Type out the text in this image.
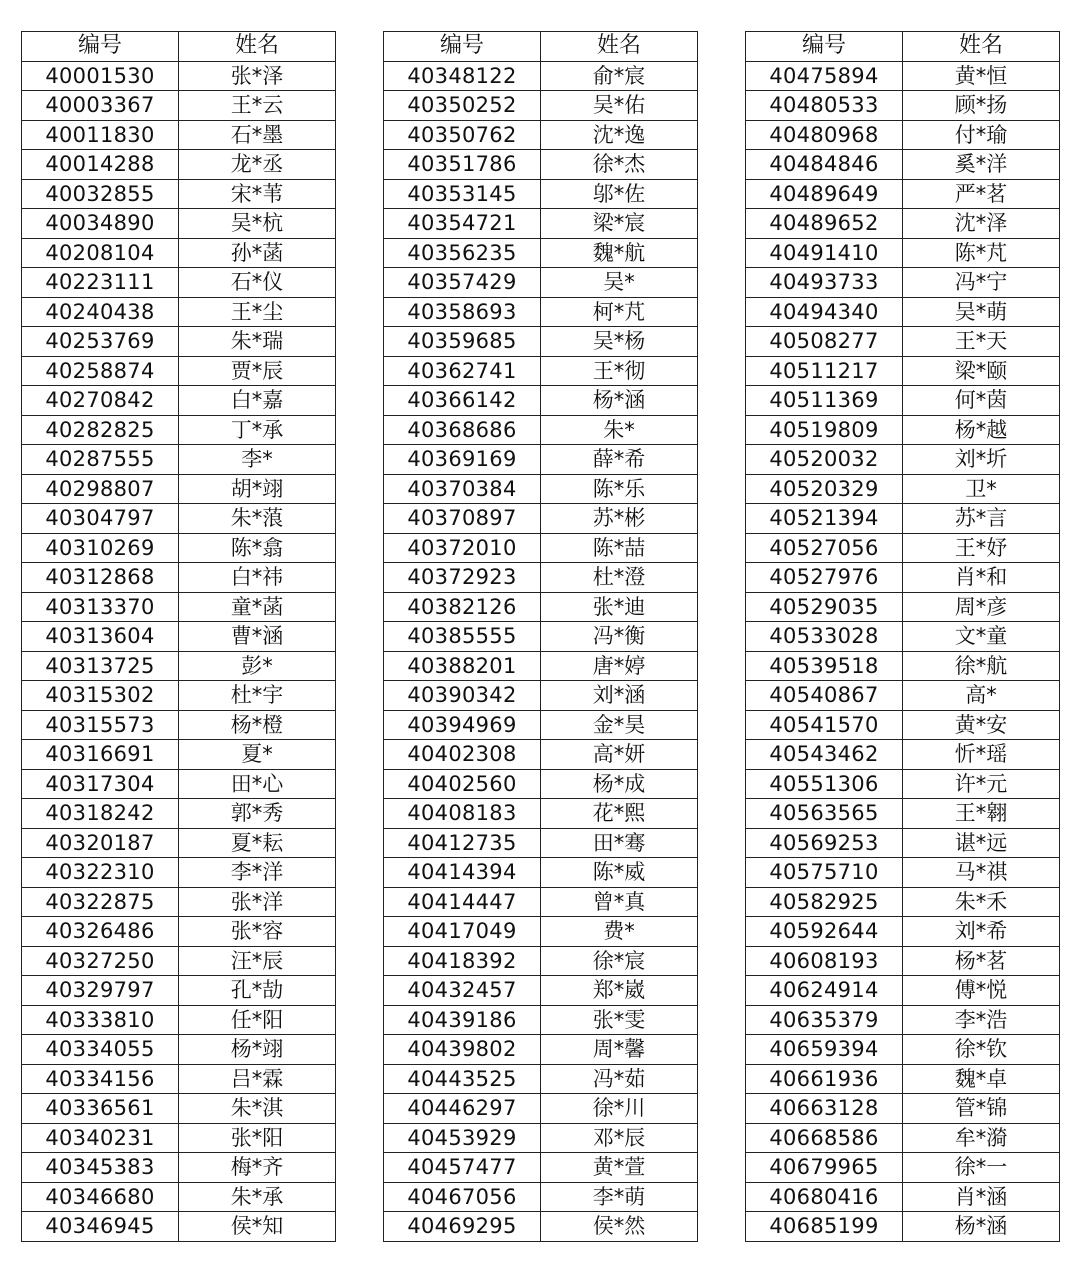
编号	姓名
40001530	张*泽
40003367	王*云
40011830	石*墨
40014288	龙*丞
40032855	宋*苇
40034890	吴*杭
40208104	孙*菡
40223111	石*仪
40240438	王*尘
40253769	朱*瑞
40258874	贾*辰
40270842	白*嘉
40282825	丁*承
40287555	李*
40298807	胡*翊
40304797	朱*蒗
40310269	陈*翕
40312868	白*祎
40313370	童*菡
40313604	曹*涵
40313725	彭*
40315302	杜*宇
40315573	杨*橙
40316691	夏*
40317304	田*心
40318242	郭*秀
40320187	夏*耘
40322310	李*洋
40322875	张*洋
40326486	张*容
40327250	汪*辰
40329797	孔*劼
40333810	任*阳
40334055	杨*翊
40334156	吕*霖
40336561	朱*淇
40340231	张*阳
40345383	梅*齐
40346680	朱*承
40346945	侯*知
编号	姓名
40348122	俞*宸
40350252	吴*佑
40350762	沈*逸
40351786	徐*杰
40353145	邬*佐
40354721	梁*宸
40356235	魏*航
40357429	吴*
40358693	柯*芃
40359685	吴*杨
40362741	王*彻
40366142	杨*涵
40368686	朱*
40369169	薛*希
40370384	陈*乐
40370897	苏*彬
40372010	陈*喆
40372923	杜*澄
40382126	张*迪
40385555	冯*衡
40388201	唐*婷
40390342	刘*涵
40394969	金*昊
40402308	高*妍
40402560	杨*成
40408183	花*熙
40412735	田*骞
40414394	陈*威
40414447	曾*真
40417049	费*
40418392	徐*宸
40432457	郑*崴
40439186	张*雯
40439802	周*馨
40443525	冯*茹
40446297	徐*川
40453929	邓*辰
40457477	黄*萱
40467056	李*萌
40469295	侯*然
编号	姓名
40475894	黄*恒
40480533	顾*扬
40480968	付*瑜
40484846	奚*洋
40489649	严*茗
40489652	沈*泽
40491410	陈*芃
40493733	冯*宁
40494340	吴*萌
40508277	王*天
40511217	梁*颐
40511369	何*茵
40519809	杨*越
40520032	刘*圻
40520329	卫*
40521394	苏*言
40527056	王*妤
40527976	肖*和
40529035	周*彦
40533028	文*童
40539518	徐*航
40540867	高*
40541570	黄*安
40543462	忻*瑶
40551306	许*元
40563565	王*翱
40569253	谌*远
40575710	马*祺
40582925	朱*禾
40592644	刘*希
40608193	杨*茗
40624914	傅*悦
40635379	李*浩
40659394	徐*钦
40661936	魏*卓
40663128	管*锦
40668586	牟*漪
40679965	徐*一
40680416	肖*涵
40685199	杨*涵
